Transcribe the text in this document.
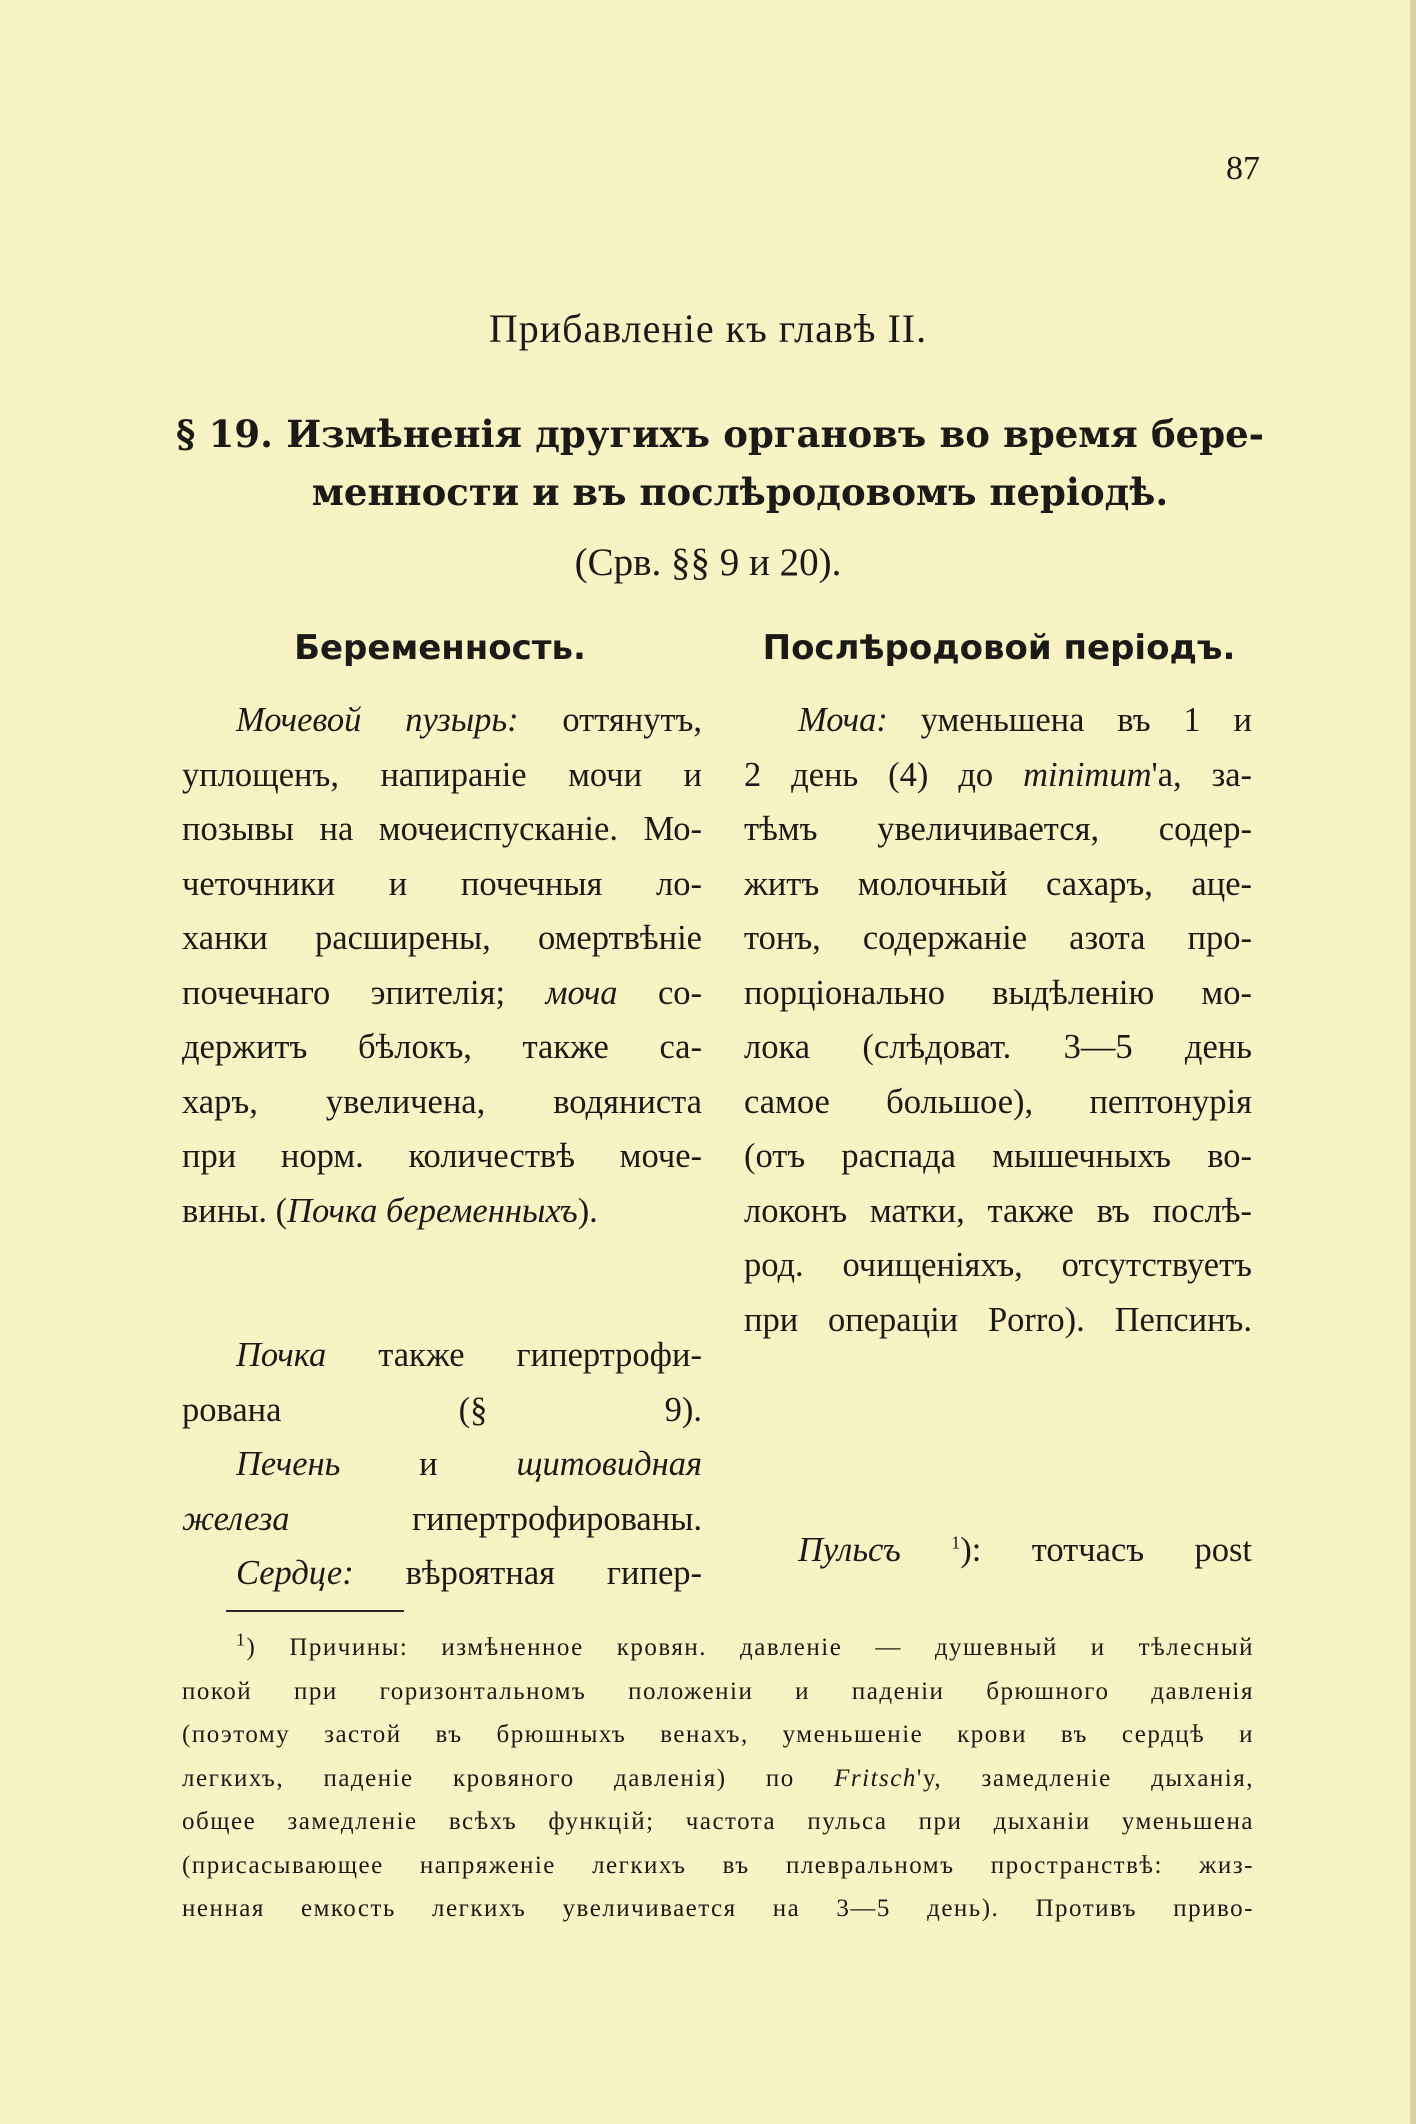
87
Прибавленіе къ главѣ II.
§ 19. Измѣненія другихъ органовъ во время бере-
менности и въ послѣродовомъ періодѣ.
(Срв. §§ 9 и 20).
Беременность.	Послѣродовой періодъ.
Мочевой пузырь: оттянутъ,
уплощенъ, напираніе мочи и
позывы на мочеиспусканіе. Мо-
четочники и почечныя ло-
ханки расширены, омертвѣніе
почечнаго эпителія; моча со-
держитъ бѣлокъ, также са-
харъ, увеличена, водяниста
при норм. количествѣ моче-
вины. (Почка беременныхъ).
Почка также гипертрофи-
рована (§ 9).
Печень и щитовидная
железа гипертрофированы.
Сердце: вѣроятная гипер-
Моча: уменьшена въ 1 и
2 день (4) до minimum'а, за-
тѣмъ увеличивается, содер-
житъ молочный сахаръ, аце-
тонъ, содержаніе азота про-
порціонально выдѣленію мо-
лока (слѣдоват. 3—5 день
самое большое), пептонурія
(отъ распада мышечныхъ во-
локонъ матки, также въ послѣ-
род. очищеніяхъ, отсутствуетъ
при операціи Porro). Пепсинъ.
Пульсъ	$^1$): тотчасъ post
$^1$) Причины: измѣненное кровян. давленіе — душевный и тѣлесный
покой при горизонтальномъ положеніи и паденіи брюшного давленія
(поэтому застой въ брюшныхъ венахъ, уменьшеніе крови въ сердцѣ и
легкихъ, паденіе кровяного давленія) по Fritsch'у, замедленіе дыханія,
общее замедленіе всѣхъ функцій; частота пульса при дыханіи уменьшена
(присасывающее напряженіе легкихъ въ плевральномъ пространствѣ: жиз-
ненная емкость легкихъ увеличивается на 3—5 день). Противъ приво-
